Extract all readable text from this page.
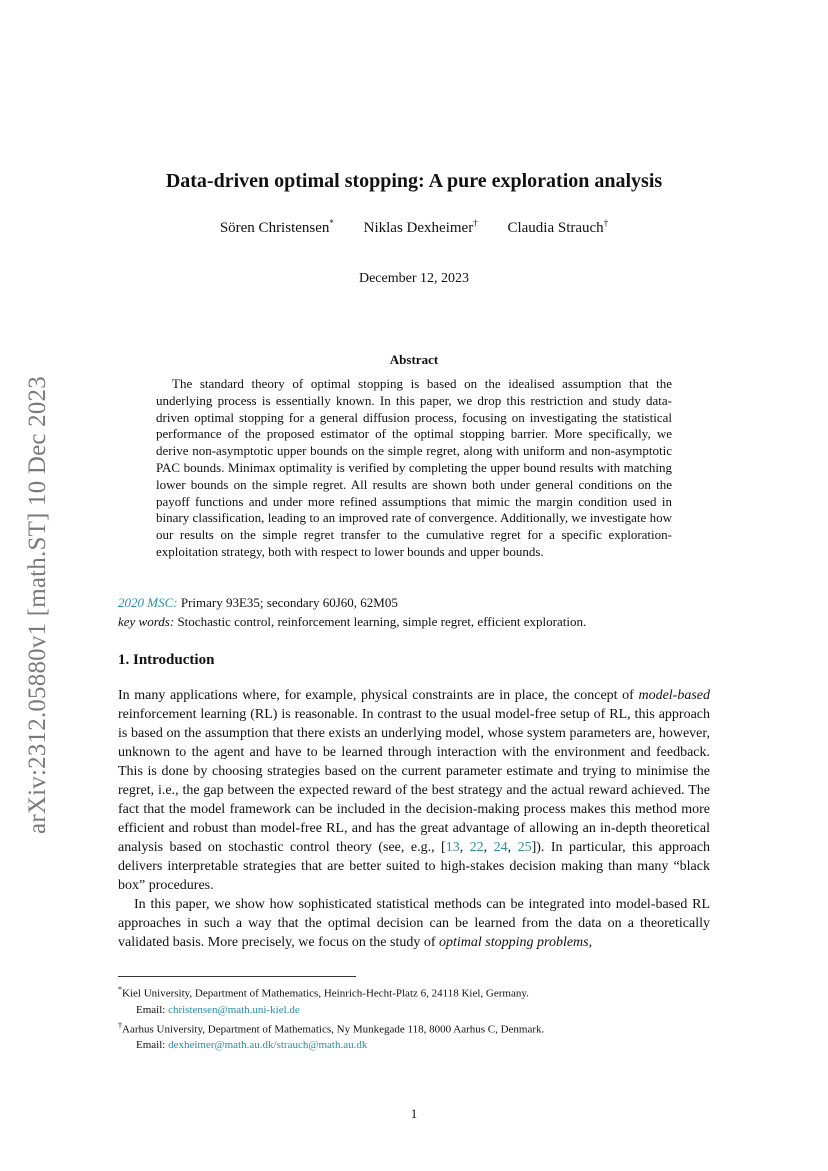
arXiv:2312.05880v1 [math.ST] 10 Dec 2023
Data-driven optimal stopping: A pure exploration analysis
Sören Christensen* Niklas Dexheimer† Claudia Strauch†
December 12, 2023
Abstract

The standard theory of optimal stopping is based on the idealised assumption that the underlying process is essentially known. In this paper, we drop this restriction and study data-driven optimal stopping for a general diffusion process, focusing on investigating the statistical performance of the proposed estimator of the optimal stopping barrier. More specifically, we derive non-asymptotic upper bounds on the simple regret, along with uniform and non-asymptotic PAC bounds. Minimax optimality is verified by completing the upper bound results with matching lower bounds on the simple regret. All results are shown both under general conditions on the payoff functions and under more refined assumptions that mimic the margin condition used in binary classification, leading to an improved rate of convergence. Additionally, we investigate how our results on the simple regret transfer to the cumulative regret for a specific exploration-exploitation strategy, both with respect to lower bounds and upper bounds.

2020 MSC: Primary 93E35; secondary 60J60, 62M05
key words: Stochastic control, reinforcement learning, simple regret, efficient exploration.
1. Introduction

In many applications where, for example, physical constraints are in place, the concept of model-based reinforcement learning (RL) is reasonable. In contrast to the usual model-free setup of RL, this approach is based on the assumption that there exists an underlying model, whose system parameters are, however, unknown to the agent and have to be learned through interaction with the environment and feedback. This is done by choosing strategies based on the current parameter estimate and trying to minimise the regret, i.e., the gap between the expected reward of the best strategy and the actual reward achieved. The fact that the model framework can be included in the decision-making process makes this method more efficient and robust than model-free RL, and has the great advantage of allowing an in-depth theoretical analysis based on stochastic control theory (see, e.g., [13, 22, 24, 25]). In particular, this approach delivers interpretable strategies that are better suited to high-stakes decision making than many “black box” procedures.

In this paper, we show how sophisticated statistical methods can be integrated into model-based RL approaches in such a way that the optimal decision can be learned from the data on a theoretically validated basis. More precisely, we focus on the study of optimal stopping problems,

*Kiel University, Department of Mathematics, Heinrich-Hecht-Platz 6, 24118 Kiel, Germany.
Email: christensen@math.uni-kiel.de
†Aarhus University, Department of Mathematics, Ny Munkegade 118, 8000 Aarhus C, Denmark.
Email: dexheimer@math.au.dk/strauch@math.au.dk
1
